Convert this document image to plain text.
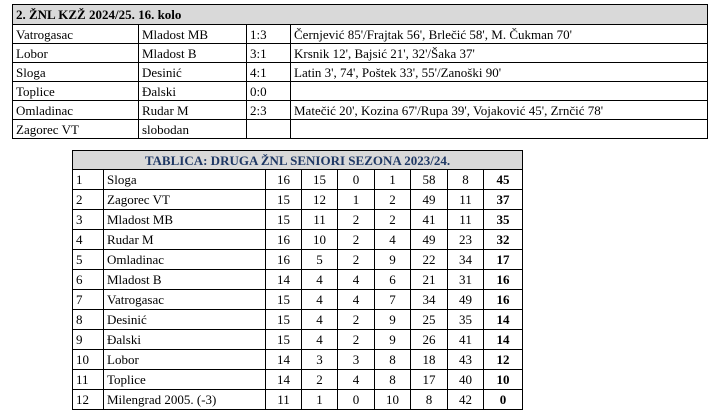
2. ŽNL KZŽ 2024/25. 16. kolo			
Vatrogasac	Mladost MB	1:3	Černjević 85'/Frajtak 56', Brlečić 58', M. Čukman 70'
Lobor	Mladost B	3:1	Krsnik 12', Bajsić 21', 32'/Šaka 37'
Sloga	Desinić	4:1	Latin 3', 74', Poštek 33', 55'/Zanoški 90'
Toplice	Đalski	0:0	
Omladinac	Rudar M	2:3	Matečić 20', Kozina 67'/Rupa 39', Vojaković 45', Zrnčić 78'
Zagorec VT	slobodan		
TABLICA: DRUGA ŽNL SENIORI SEZONA 2023/24.								
1	Sloga	16	15	0	1	58	8	45
2	Zagorec VT	15	12	1	2	49	11	37
3	Mladost MB	15	11	2	2	41	11	35
4	Rudar M	16	10	2	4	49	23	32
5	Omladinac	16	5	2	9	22	34	17
6	Mladost B	14	4	4	6	21	31	16
7	Vatrogasac	15	4	4	7	34	49	16
8	Desinić	15	4	2	9	25	35	14
9	Đalski	15	4	2	9	26	41	14
10	Lobor	14	3	3	8	18	43	12
11	Toplice	14	2	4	8	17	40	10
12	Milengrad 2005. (-3)	11	1	0	10	8	42	0
